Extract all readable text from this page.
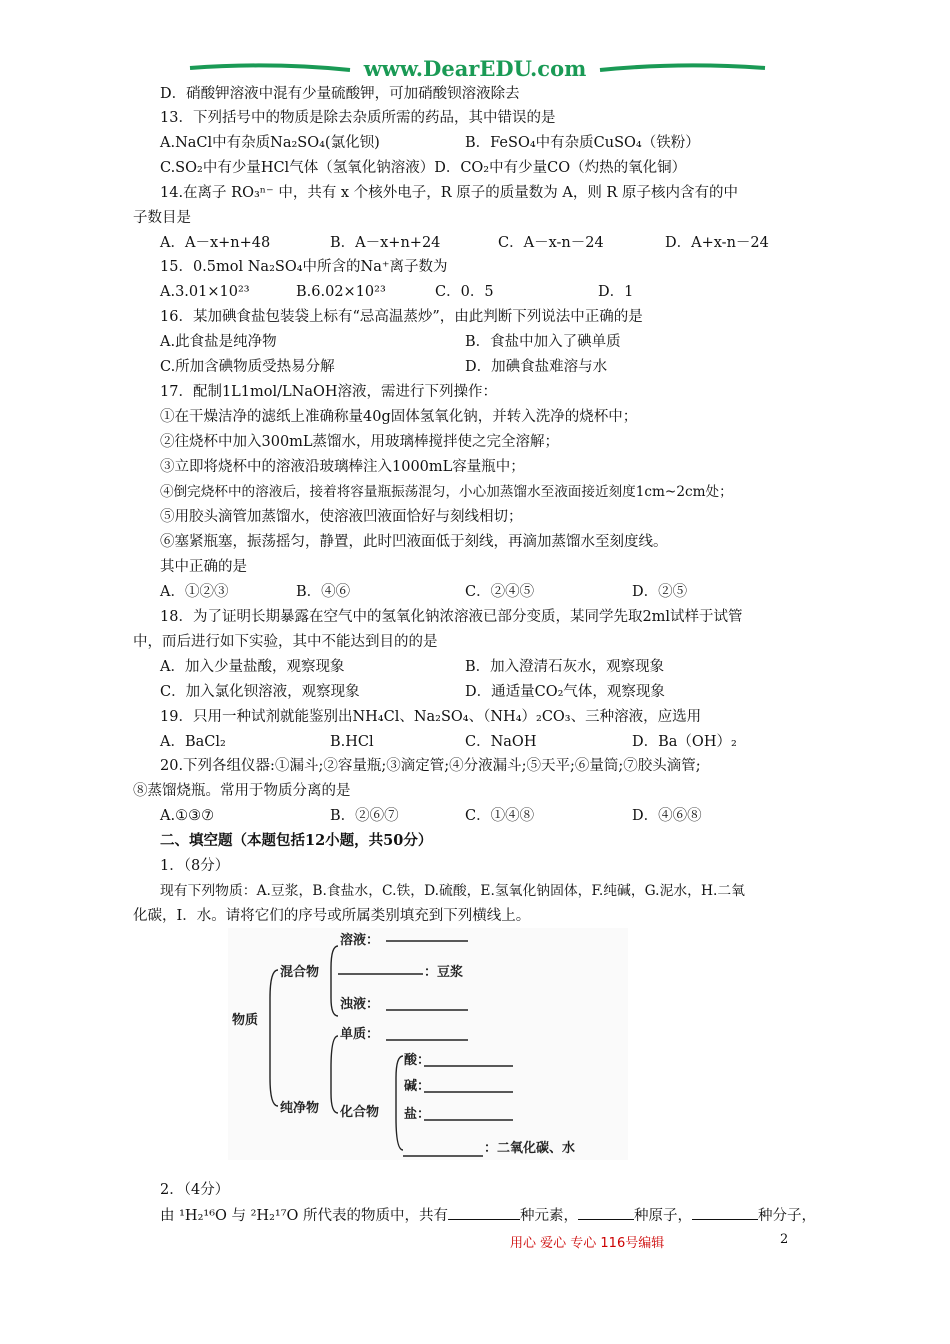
www.DearEDU.com
D．硝酸钾溶液中混有少量硫酸钾，可加硝酸钡溶液除去
13．下列括号中的物质是除去杂质所需的药品，其中错误的是
A.NaCl中有杂质Na₂SO₄(氯化钡)	B．FeSO₄中有杂质CuSO₄（铁粉）
C.SO₂中有少量HCl气体（氢氧化钠溶液）D．CO₂中有少量CO（灼热的氧化铜）
14.在离子 RO₃ⁿ⁻ 中，共有 x 个核外电子，R 原子的质量数为 A，则 R 原子核内含有的中
子数目是
A．A－x+n+48	B．A－x+n+24	C．A－x-n－24	D．A+x-n－24
15．0.5mol Na₂SO₄中所含的Na⁺离子数为
A.3.01×10²³	B.6.02×10²³	C．0．5	D．1
16．某加碘食盐包装袋上标有“忌高温蒸炒”，由此判断下列说法中正确的是
A.此食盐是纯净物	B．食盐中加入了碘单质
C.所加含碘物质受热易分解	D．加碘食盐难溶与水
17．配制1L1mol/LNaOH溶液，需进行下列操作：
①在干燥洁净的滤纸上准确称量40g固体氢氧化钠，并转入洗净的烧杯中；
②往烧杯中加入300mL蒸馏水，用玻璃棒搅拌使之完全溶解；
③立即将烧杯中的溶液沿玻璃棒注入1000mL容量瓶中；
④倒完烧杯中的溶液后，接着将容量瓶振荡混匀，小心加蒸馏水至液面接近刻度1cm~2cm处；
⑤用胶头滴管加蒸馏水，使溶液凹液面恰好与刻线相切；
⑥塞紧瓶塞，振荡摇匀，静置，此时凹液面低于刻线，再滴加蒸馏水至刻度线。
其中正确的是
A．①②③	B．④⑥	C．②④⑤	D．②⑤
18．为了证明长期暴露在空气中的氢氧化钠浓溶液已部分变质，某同学先取2ml试样于试管
中，而后进行如下实验，其中不能达到目的的是
A．加入少量盐酸，观察现象	B．加入澄清石灰水，观察现象
C．加入氯化钡溶液，观察现象	D．通适量CO₂气体，观察现象
19．只用一种试剂就能鉴别出NH₄Cl、Na₂SO₄、（NH₄）₂CO₃、三种溶液，应选用
A．BaCl₂	B.HCl	C．NaOH	D．Ba（OH）₂
20.下列各组仪器:①漏斗;②容量瓶;③滴定管;④分液漏斗;⑤天平;⑥量筒;⑦胶头滴管;
⑧蒸馏烧瓶。常用于物质分离的是
A.①③⑦	B．②⑥⑦	C．①④⑧	D．④⑥⑧
二、填空题（本题包括12小题，共50分）
1．（8分）
现有下列物质：A.豆浆，B.食盐水，C.铁，D.硫酸，E.氢氧化钠固体，F.纯碱，G.泥水，H.二氧
化碳，I．水。请将它们的序号或所属类别填充到下列横线上。
物质
混合物
纯净物
溶液：
：豆浆
浊液：
单质：
化合物
酸：
碱：
盐：
：二氧化碳、水
2．（4分）
由 ¹H₂¹⁶O 与 ²H₂¹⁷O 所代表的物质中，共有	种元素，	种原子，	种分子，
用心 爱心 专心 116号编辑	2
